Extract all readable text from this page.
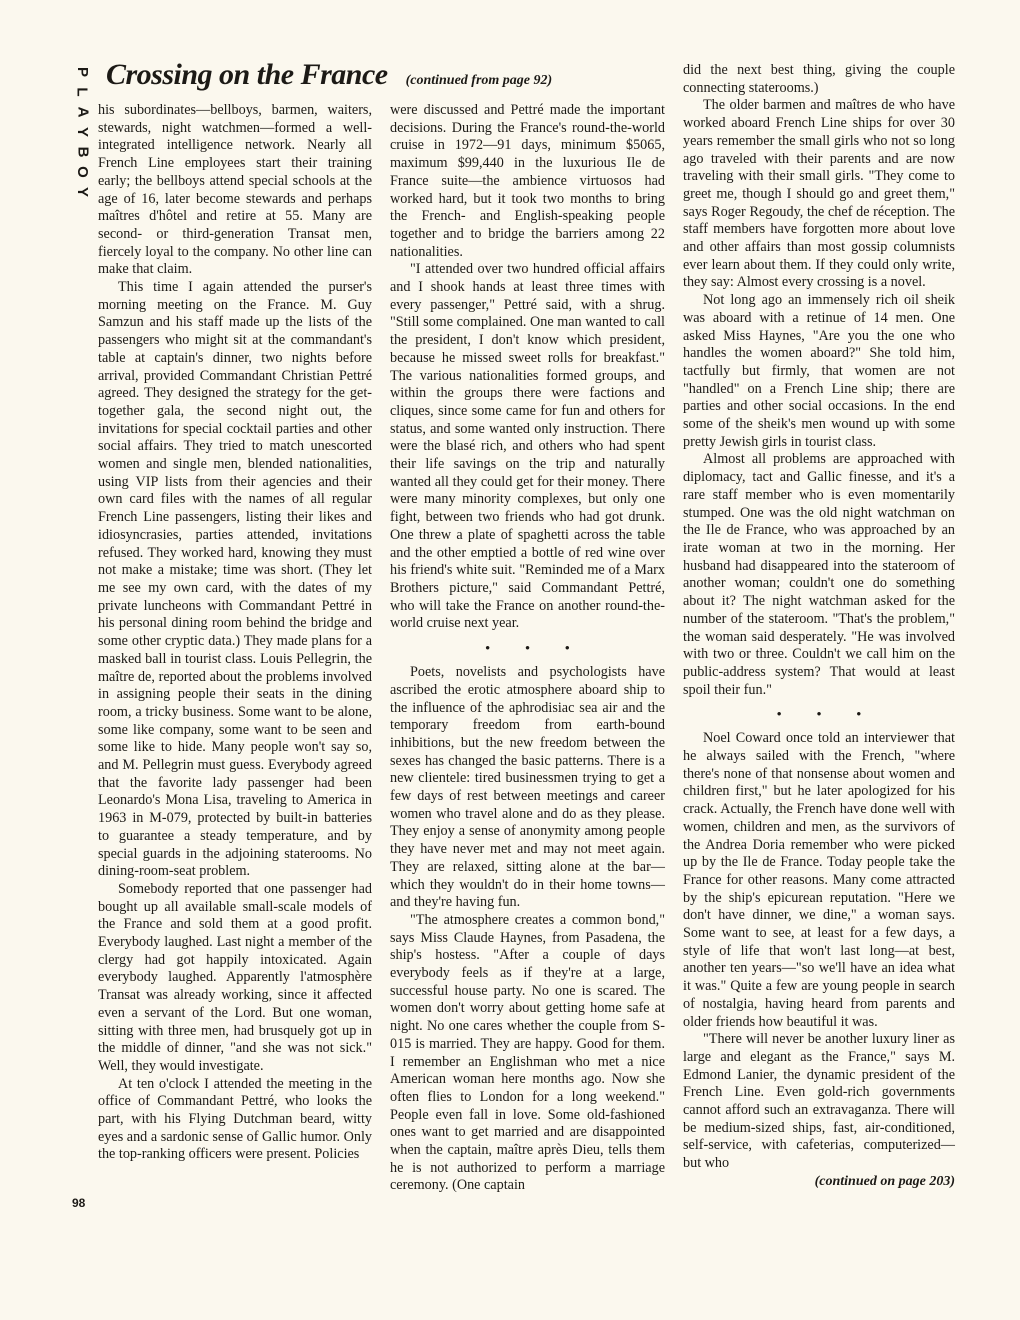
P
L
A
Y
B
O
Y
Crossing on the France (continued from page 92)

his subordinates—bellboys, barmen, waiters, stewards, night watchmen—formed a well-integrated intelligence network. Nearly all French Line employees start their training early; the bellboys attend special schools at the age of 16, later become stewards and perhaps maîtres d'hôtel and retire at 55. Many are second- or third-generation Transat men, fiercely loyal to the company. No other line can make that claim.

This time I again attended the purser's morning meeting on the France. M. Guy Samzun and his staff made up the lists of the passengers who might sit at the commandant's table at captain's dinner, two nights before arrival, provided Commandant Christian Pettré agreed. They designed the strategy for the get-together gala, the second night out, the invitations for special cocktail parties and other social affairs. They tried to match unescorted women and single men, blended nationalities, using VIP lists from their agencies and their own card files with the names of all regular French Line passengers, listing their likes and idiosyncrasies, parties attended, invitations refused. They worked hard, knowing they must not make a mistake; time was short. (They let me see my own card, with the dates of my private luncheons with Commandant Pettré in his personal dining room behind the bridge and some other cryptic data.) They made plans for a masked ball in tourist class. Louis Pellegrin, the maître de, reported about the problems involved in assigning people their seats in the dining room, a tricky business. Some want to be alone, some like company, some want to be seen and some like to hide. Many people won't say so, and M. Pellegrin must guess. Everybody agreed that the favorite lady passenger had been Leonardo's Mona Lisa, traveling to America in 1963 in M-079, protected by built-in batteries to guarantee a steady temperature, and by special guards in the adjoining staterooms. No dining-room-seat problem.

Somebody reported that one passenger had bought up all available small-scale models of the France and sold them at a good profit. Everybody laughed. Last night a member of the clergy had got happily intoxicated. Again everybody laughed. Apparently l'atmosphère Transat was already working, since it affected even a servant of the Lord. But one woman, sitting with three men, had brusquely got up in the middle of dinner, "and she was not sick." Well, they would investigate.

At ten o'clock I attended the meeting in the office of Commandant Pettré, who looks the part, with his Flying Dutchman beard, witty eyes and a sardonic sense of Gallic humor. Only the top-ranking officers were present. Policies

were discussed and Pettré made the important decisions. During the France's round-the-world cruise in 1972—91 days, minimum $5065, maximum $99,440 in the luxurious Ile de France suite—the ambience virtuosos had worked hard, but it took two months to bring the French- and English-speaking people together and to bridge the barriers among 22 nationalities.

"I attended over two hundred official affairs and I shook hands at least three times with every passenger," Pettré said, with a shrug. "Still some complained. One man wanted to call the president, I don't know which president, because he missed sweet rolls for breakfast." The various nationalities formed groups, and within the groups there were factions and cliques, since some came for fun and others for status, and some wanted only instruction. There were the blasé rich, and others who had spent their life savings on the trip and naturally wanted all they could get for their money. There were many minority complexes, but only one fight, between two friends who had got drunk. One threw a plate of spaghetti across the table and the other emptied a bottle of red wine over his friend's white suit. "Reminded me of a Marx Brothers picture," said Commandant Pettré, who will take the France on another round-the-world cruise next year.

• • •

Poets, novelists and psychologists have ascribed the erotic atmosphere aboard ship to the influence of the aphrodisiac sea air and the temporary freedom from earth-bound inhibitions, but the new freedom between the sexes has changed the basic patterns. There is a new clientele: tired businessmen trying to get a few days of rest between meetings and career women who travel alone and do as they please. They enjoy a sense of anonymity among people they have never met and may not meet again. They are relaxed, sitting alone at the bar—which they wouldn't do in their home towns—and they're having fun.

"The atmosphere creates a common bond," says Miss Claude Haynes, from Pasadena, the ship's hostess. "After a couple of days everybody feels as if they're at a large, successful house party. No one is scared. The women don't worry about getting home safe at night. No one cares whether the couple from S-015 is married. They are happy. Good for them. I remember an Englishman who met a nice American woman here months ago. Now she often flies to London for a long weekend." People even fall in love. Some old-fashioned ones want to get married and are disappointed when the captain, maître après Dieu, tells them he is not authorized to perform a marriage ceremony. (One captain

did the next best thing, giving the couple connecting staterooms.)

The older barmen and maîtres de who have worked aboard French Line ships for over 30 years remember the small girls who not so long ago traveled with their parents and are now traveling with their small girls. "They come to greet me, though I should go and greet them," says Roger Regoudy, the chef de réception. The staff members have forgotten more about love and other affairs than most gossip columnists ever learn about them. If they could only write, they say: Almost every crossing is a novel.

Not long ago an immensely rich oil sheik was aboard with a retinue of 14 men. One asked Miss Haynes, "Are you the one who handles the women aboard?" She told him, tactfully but firmly, that women are not "handled" on a French Line ship; there are parties and other social occasions. In the end some of the sheik's men wound up with some pretty Jewish girls in tourist class.

Almost all problems are approached with diplomacy, tact and Gallic finesse, and it's a rare staff member who is even momentarily stumped. One was the old night watchman on the Ile de France, who was approached by an irate woman at two in the morning. Her husband had disappeared into the stateroom of another woman; couldn't one do something about it? The night watchman asked for the number of the stateroom. "That's the problem," the woman said desperately. "He was involved with two or three. Couldn't we call him on the public-address system? That would at least spoil their fun."

• • •

Noel Coward once told an interviewer that he always sailed with the French, "where there's none of that nonsense about women and children first," but he later apologized for his crack. Actually, the French have done well with women, children and men, as the survivors of the Andrea Doria remember who were picked up by the Ile de France. Today people take the France for other reasons. Many come attracted by the ship's epicurean reputation. "Here we don't have dinner, we dine," a woman says. Some want to see, at least for a few days, a style of life that won't last long—at best, another ten years—"so we'll have an idea what it was." Quite a few are young people in search of nostalgia, having heard from parents and older friends how beautiful it was.

"There will never be another luxury liner as large and elegant as the France," says M. Edmond Lanier, the dynamic president of the French Line. Even gold-rich governments cannot afford such an extravaganza. There will be medium-sized ships, fast, air-conditioned, self-service, with cafeterias, computerized—but who

(continued on page 203)
98
